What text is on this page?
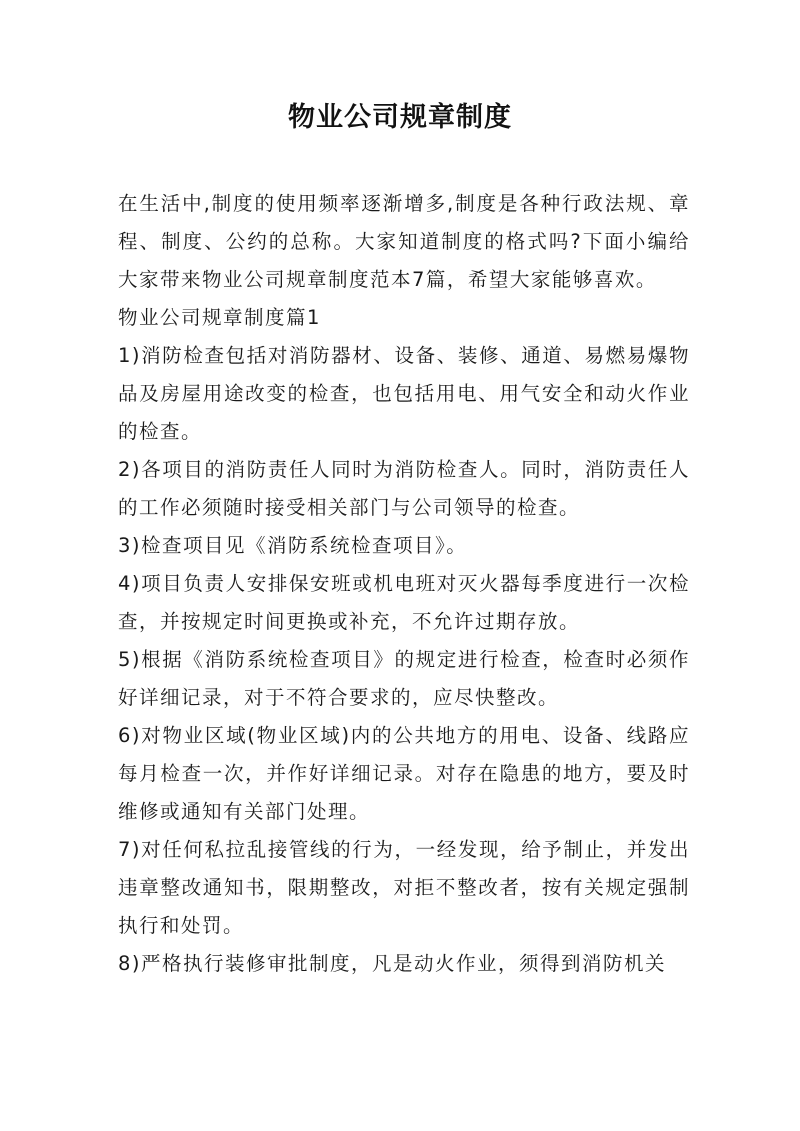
物业公司规章制度

在生活中,制度的使用频率逐渐增多,制度是各种行政法规、章程、制度、公约的总称。大家知道制度的格式吗?下面小编给大家带来物业公司规章制度范本7篇，希望大家能够喜欢。

物业公司规章制度篇1

1)消防检查包括对消防器材、设备、装修、通道、易燃易爆物品及房屋用途改变的检查，也包括用电、用气安全和动火作业的检查。

2)各项目的消防责任人同时为消防检查人。同时，消防责任人的工作必须随时接受相关部门与公司领导的检查。

3)检查项目见《消防系统检查项目》。

4)项目负责人安排保安班或机电班对灭火器每季度进行一次检查，并按规定时间更换或补充，不允许过期存放。

5)根据《消防系统检查项目》的规定进行检查，检查时必须作好详细记录，对于不符合要求的，应尽快整改。

6)对物业区域(物业区域)内的公共地方的用电、设备、线路应每月检查一次，并作好详细记录。对存在隐患的地方，要及时维修或通知有关部门处理。

7)对任何私拉乱接管线的行为，一经发现，给予制止，并发出违章整改通知书，限期整改，对拒不整改者，按有关规定强制执行和处罚。

8)严格执行装修审批制度，凡是动火作业，须得到消防机关
